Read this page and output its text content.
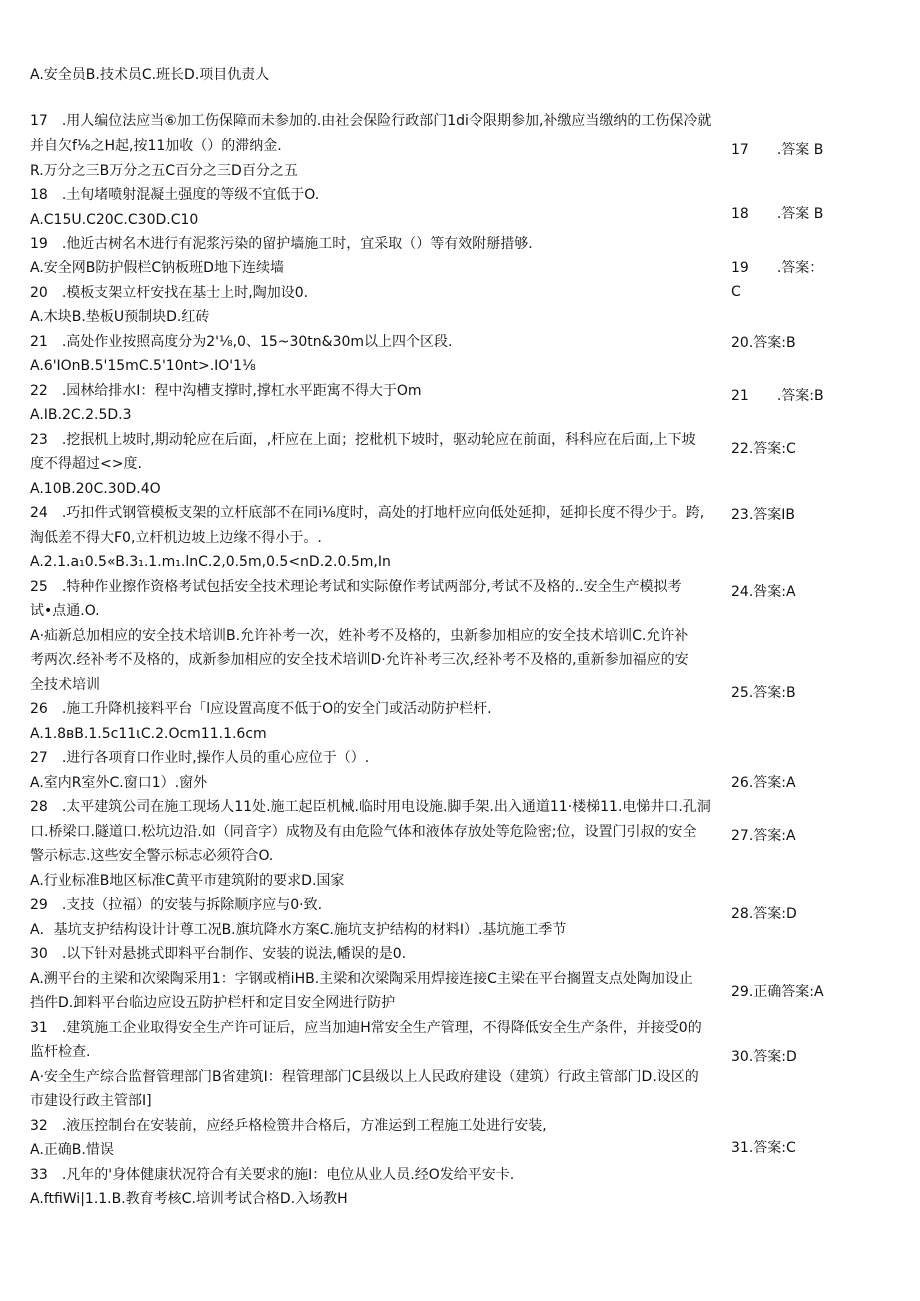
A.安全员B.技术员C.班长D.项目仇责人
17　.用人编位法应当⑥加工伤保障而未参加的.由社会保险行政部门1di令限期参加,补缴应当缴纳的工伤保冷就
并自欠f⅛之H起,按11加收（）的滞纳金.
R.万分之三B万分之五C百分之三D百分之五
18　.土旬堵喷射混凝土强度的等级不宜低于O.
A.C15U.C20C.C30D.C10
19　.他近古树名木进行有泥浆污染的留护墙施工时，宜采取（）等有效附掰措够.
A.安全网B防护假栏C钠板班D地下连续墙
20　.模板支架立杆安找在基士上时,陶加设0.
A.木块B.垫板U预制块D.红砖
21　.高处作业按照高度分为2'⅛,0、15~30tn&30m以上四个区段.
A.6'IOnB.5'15mC.5'10nt>.IO'1⅛
22　.园林给排水I：程中沟槽支撑时,撑杠水平距寓不得大于Om
A.IB.2C.2.5D.3
23　.挖抿机上坡时,期动轮应在后面，,杆应在上面；挖枇机下坡时，驱动轮应在前面，科科应在后面,上下坡
度不得超过<>度.
A.10B.20C.30D.4O
24　.巧扣件式钢管模板支架的立杆底部不在同i⅛度时，高处的打地杆应向低处延抑，延抑长度不得少于。跨,
淘低差不得大F0,立杆机边坡上边缘不得小于。.
A.2.1.a₁0.5«B.3₁.1.m₁.lnC.2,0.5m,0.5<nD.2.0.5m,In
25　.特种作业擦作资格考试包括安全技术理论考试和实际僚作考试两部分,考试不及格的..安全生产模拟考
试•点通.O.
A·疝新总加相应的安全技术培训B.允许补考一次，姓补考不及格的，虫新参加相应的安全技术培训C.允许补
考两次.经补考不及格的，成新参加相应的安全技术培训D·允许补考三次,经补考不及格的,重新参加福应的安
全技术培训
26　.施工升降机接料平台「l应设置高度不低于O的安全门或活动防护栏杆.
A.1.8вB.1.5c11ιC.2.Ocm11.1.6cm
27　.进行各项育口作业时,操作人员的重心应位于（）.
A.室内R室外C.窗口1）.窗外
28　.太平建筑公司在施工现场人11处.施工起臣机械.临时用电设施.脚手架.出入通道11·楼梯11.电悌井口.孔洞
口.桥梁口.隧道口.松坑边沿.如（同音字）成物及有由危险气体和液体存放处等危险密;位，设置门引叔的安全
警示标志.这些安全警示标志必须符合O.
A.行业标准B地区标准C黄平市建筑附的要求D.国家
29　.支技（拉福）的安装与拆除顺序应与0·致.
A．基坑支护结构设计计尊工况B.旗坑降水方案C.施坑支护结构的材料I）.基坑施工季节
30　.以下针对悬挑式即料平台制作、安装的说法,幡误的是0.
A.溯平台的主梁和次梁陶采用1：字钢或梢iHB.主梁和次梁陶采用焊接连接C主梁在平台搁置支点处陶加设止
挡件D.卸料平台临边应设五防护栏杆和定目安全网进行防护
31　.建筑施工企业取得安全生产许可证后，应当加迪H常安全生产管理，不得降低安全生产条件，并接受0的
监杆检查.
A·安全生产综合监督管理部门B省建筑I：程管理部门C县级以上人民政府建设（建筑）行政主管部门D.设区的
市建设行政主管部I]
32　.液压控制台在安装前，应经乒格检篑井合格后，方准运到工程施工处进行安装,
A.正确B.惜误
33　.凡年的'身体健康状况符合有关要求的施I：电位从业人员.经O发给平安卡.
A.ftfiWi|1.1.B.教育考核C.培训考试合格D.入场教H
17　　.答案 B
18　　.答案 B
19　　.答案：
C
20.答案:B
21　　.答案:B
22.答案:C
23.答案IB
24.咎案:A
25.答案:B
26.答案:A
27.答案:A
28.答案:D
29.正确答案:A
30.答案:D
31.答案:C
